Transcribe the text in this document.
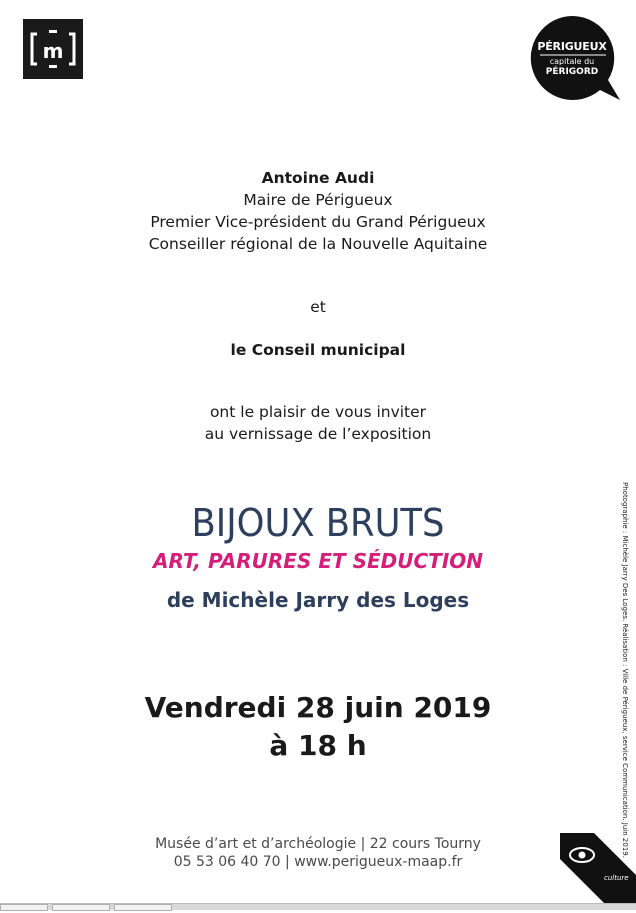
m	PÉRIGUEUX
capitale du
PÉRIGORD
Antoine Audi
Maire de Périgueux
Premier Vice-président du Grand Périgueux
Conseiller régional de la Nouvelle Aquitaine
et
le Conseil municipal
ont le plaisir de vous inviter
au vernissage de l’exposition
BIJOUX BRUTS
ART, PARURES ET SÉDUCTION
de Michèle Jarry des Loges
Vendredi 28 juin 2019
à 18 h
Musée d’art et d’archéologie | 22 cours Tourny
05 53 06 40 70 | www.perigueux-maap.fr
Photographie : Michèle Jarry Des Loges. Réalisation : Ville de Périgueux, service Communication. Juin 2019.
culture
